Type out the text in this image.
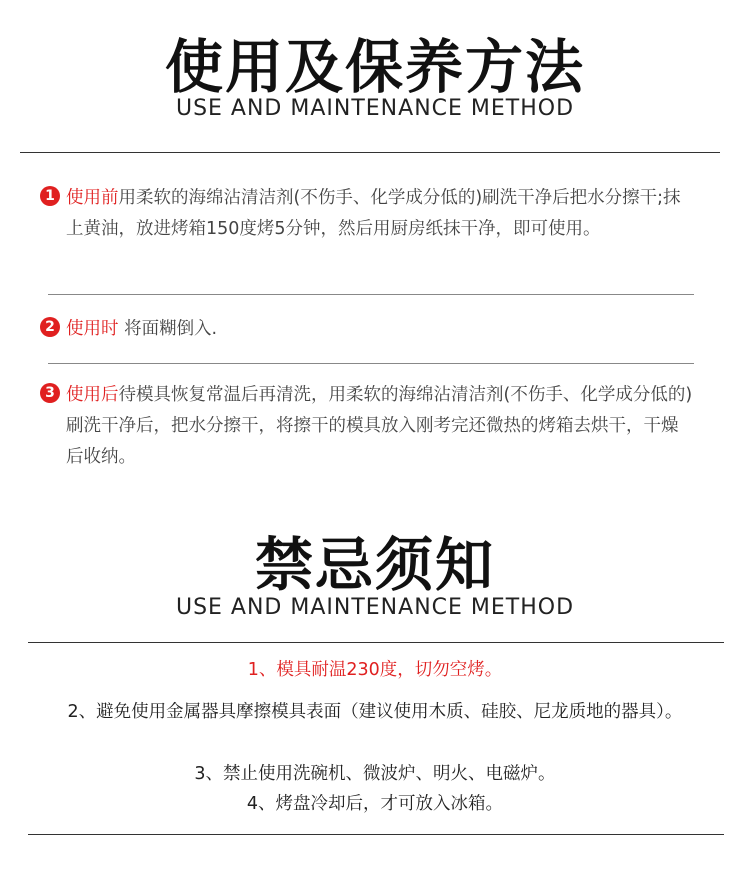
使用及保养方法
USE AND MAINTENANCE METHOD
1 使用前用柔软的海绵沾清洁剂(不伤手、化学成分低的)刷洗干净后把水分擦干;抹上黄油，放进烤箱150度烤5分钟，然后用厨房纸抹干净，即可使用。
2 使用时 将面糊倒入.
3 使用后待模具恢复常温后再清洗，用柔软的海绵沾清洁剂(不伤手、化学成分低的)刷洗干净后，把水分擦干，将擦干的模具放入刚考完还微热的烤箱去烘干，干燥后收纳。
禁忌须知
USE AND MAINTENANCE METHOD
1、模具耐温230度，切勿空烤。
2、避免使用金属器具摩擦模具表面（建议使用木质、硅胶、尼龙质地的器具）。
3、禁止使用洗碗机、微波炉、明火、电磁炉。
4、烤盘冷却后，才可放入冰箱。
